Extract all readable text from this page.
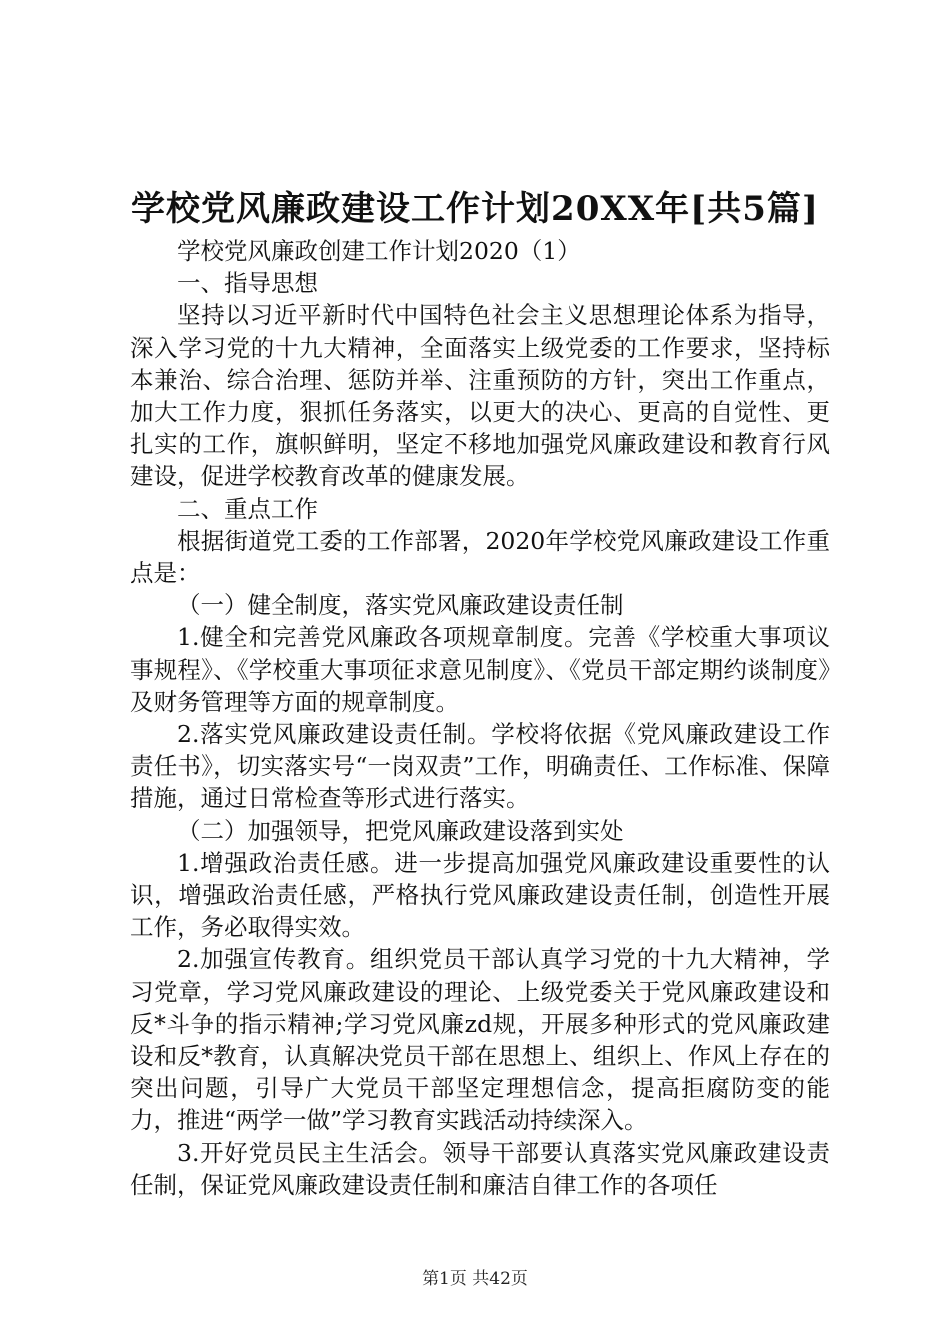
学校党风廉政建设工作计划20XX年[共5篇]

学校党风廉政创建工作计划2020（1）

一、指导思想

坚持以习近平新时代中国特色社会主义思想理论体系为指导，深入学习党的十九大精神，全面落实上级党委的工作要求，坚持标本兼治、综合治理、惩防并举、注重预防的方针，突出工作重点，加大工作力度，狠抓任务落实，以更大的决心、更高的自觉性、更扎实的工作，旗帜鲜明，坚定不移地加强党风廉政建设和教育行风建设，促进学校教育改革的健康发展。

二、重点工作

根据街道党工委的工作部署，2020年学校党风廉政建设工作重点是：

（一）健全制度，落实党风廉政建设责任制

1.健全和完善党风廉政各项规章制度。完善《学校重大事项议事规程》、《学校重大事项征求意见制度》、《党员干部定期约谈制度》及财务管理等方面的规章制度。

2.落实党风廉政建设责任制。学校将依据《党风廉政建设工作责任书》，切实落实号“一岗双责”工作，明确责任、工作标准、保障措施，通过日常检查等形式进行落实。

（二）加强领导，把党风廉政建设落到实处

1.增强政治责任感。进一步提高加强党风廉政建设重要性的认识，增强政治责任感，严格执行党风廉政建设责任制，创造性开展工作，务必取得实效。

2.加强宣传教育。组织党员干部认真学习党的十九大精神，学习党章，学习党风廉政建设的理论、上级党委关于党风廉政建设和反*斗争的指示精神;学习党风廉zd规，开展多种形式的党风廉政建设和反*教育，认真解决党员干部在思想上、组织上、作风上存在的突出问题，引导广大党员干部坚定理想信念，提高拒腐防变的能力，推进“两学一做”学习教育实践活动持续深入。

3.开好党员民主生活会。领导干部要认真落实党风廉政建设责任制，保证党风廉政建设责任制和廉洁自律工作的各项任

第1页 共42页
